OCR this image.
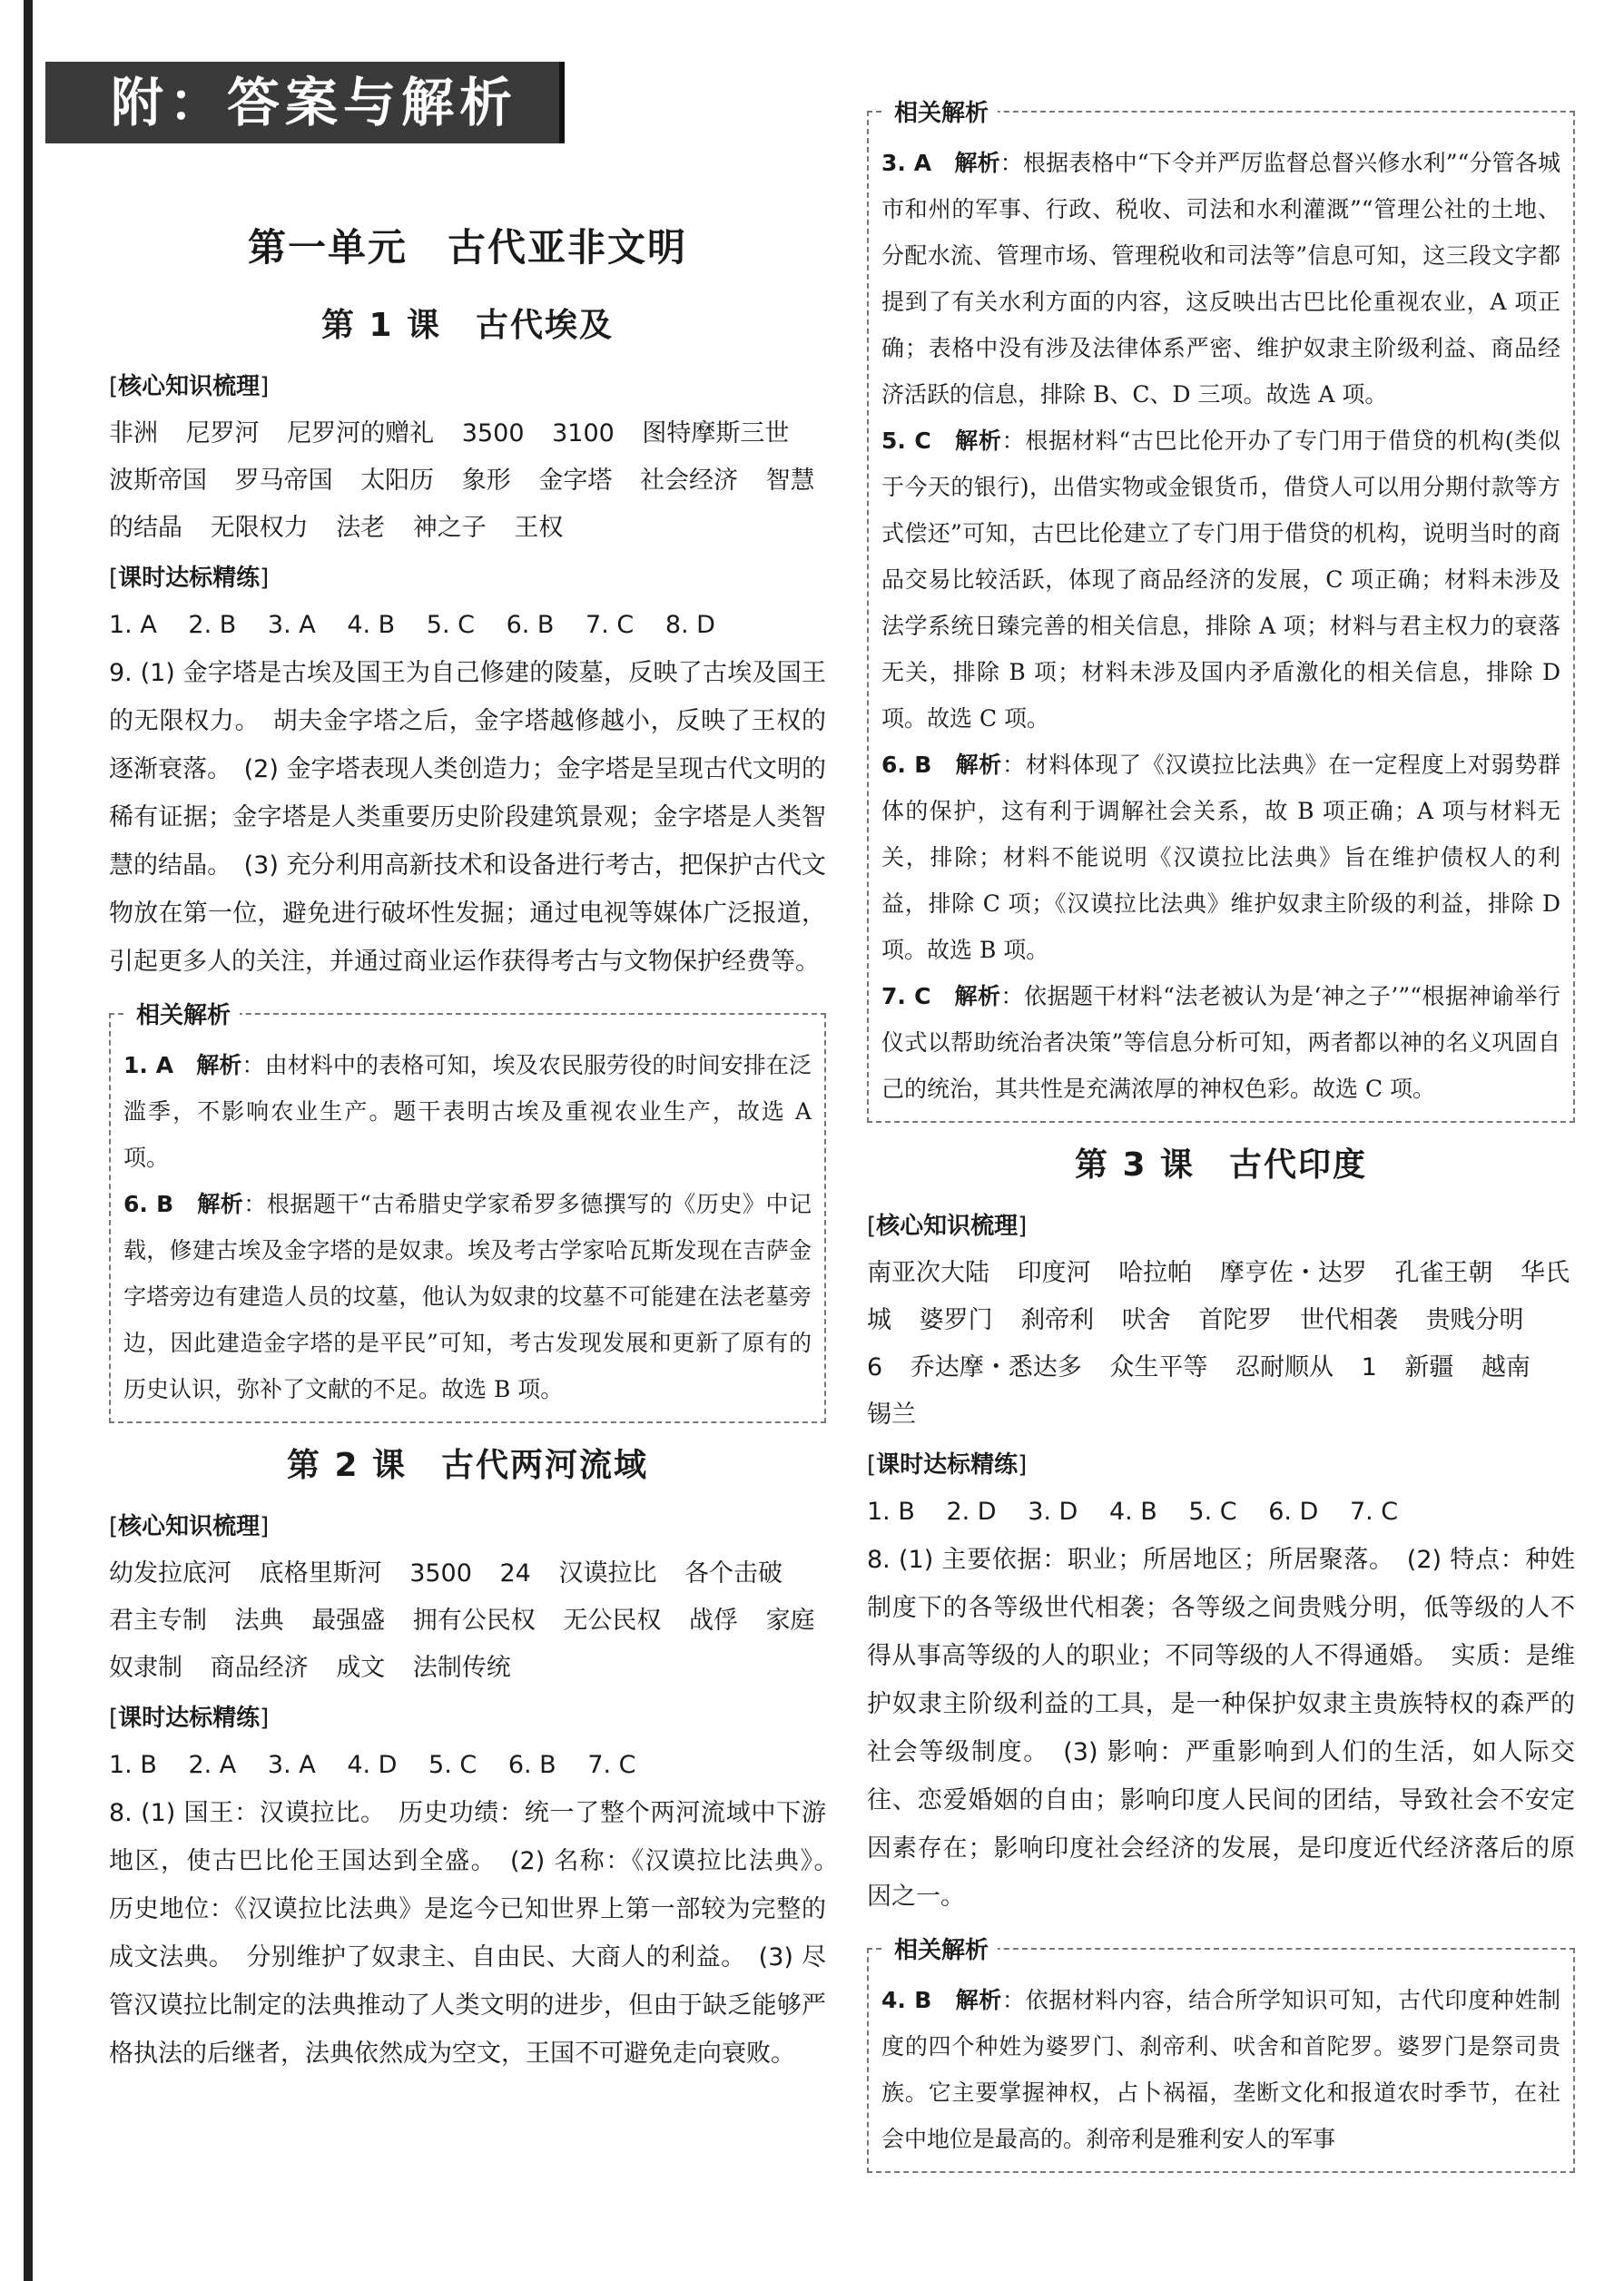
附：答案与解析
第一单元　古代亚非文明
第 1 课　古代埃及
[ 核心知识梳理 ]
非洲 尼罗河 尼罗河的赠礼 3500 3100 图特摩斯三世 波斯帝国 罗马帝国 太阳历 象形 金字塔 社会经济 智慧的结晶 无限权力 法老 神之子 王权
[ 课时达标精练 ]
1. A 2. B 3. A 4. B 5. C 6. B 7. C 8. D

9. (1) 金字塔是古埃及国王为自己修建的陵墓，反映了古埃及国王的无限权力。　胡夫金字塔之后，金字塔越修越小，反映了王权的逐渐衰落。　(2) 金字塔表现人类创造力；金字塔是呈现古代文明的稀有证据；金字塔是人类重要历史阶段建筑景观；金字塔是人类智慧的结晶。　(3) 充分利用高新技术和设备进行考古，把保护古代文物放在第一位，避免进行破坏性发掘；通过电视等媒体广泛报道，引起更多人的关注，并通过商业运作获得考古与文物保护经费等。

相关解析

1. A　解析：由材料中的表格可知，埃及农民服劳役的时间安排在泛滥季，不影响农业生产。题干表明古埃及重视农业生产，故选 A 项。

6. B　解析：根据题干“古希腊史学家希罗多德撰写的《历史》中记载，修建古埃及金字塔的是奴隶。埃及考古学家哈瓦斯发现在吉萨金字塔旁边有建造人员的坟墓，他认为奴隶的坟墓不可能建在法老墓旁边，因此建造金字塔的是平民”可知，考古发现发展和更新了原有的历史认识，弥补了文献的不足。故选 B 项。

第 2 课　古代两河流域
[ 核心知识梳理 ]
幼发拉底河 底格里斯河 3500 24 汉谟拉比 各个击破 君主专制 法典 最强盛 拥有公民权 无公民权 战俘 家庭奴隶制 商品经济 成文 法制传统
[ 课时达标精练 ]
1. B 2. A 3. A 4. D 5. C 6. B 7. C

8. (1) 国王：汉谟拉比。　历史功绩：统一了整个两河流域中下游地区，使古巴比伦王国达到全盛。　(2) 名称：《汉谟拉比法典》。　历史地位：《汉谟拉比法典》是迄今已知世界上第一部较为完整的成文法典。　分别维护了奴隶主、自由民、大商人的利益。　(3) 尽管汉谟拉比制定的法典推动了人类文明的进步，但由于缺乏能够严格执法的后继者，法典依然成为空文，王国不可避免走向衰败。

相关解析

3. A　解析：根据表格中“下令并严厉监督总督兴修水利”“分管各城市和州的军事、行政、税收、司法和水利灌溉”“管理公社的土地、分配水流、管理市场、管理税收和司法等”信息可知，这三段文字都提到了有关水利方面的内容，这反映出古巴比伦重视农业，A 项正确；表格中没有涉及法律体系严密、维护奴隶主阶级利益、商品经济活跃的信息，排除 B、C、D 三项。故选 A 项。

5. C　解析：根据材料“古巴比伦开办了专门用于借贷的机构(类似于今天的银行)，出借实物或金银货币，借贷人可以用分期付款等方式偿还”可知，古巴比伦建立了专门用于借贷的机构，说明当时的商品交易比较活跃，体现了商品经济的发展，C 项正确；材料未涉及法学系统日臻完善的相关信息，排除 A 项；材料与君主权力的衰落无关，排除 B 项；材料未涉及国内矛盾激化的相关信息，排除 D 项。故选 C 项。

6. B　解析：材料体现了《汉谟拉比法典》在一定程度上对弱势群体的保护，这有利于调解社会关系，故 B 项正确；A 项与材料无关，排除；材料不能说明《汉谟拉比法典》旨在维护债权人的利益，排除 C 项；《汉谟拉比法典》维护奴隶主阶级的利益，排除 D 项。故选 B 项。

7. C　解析：依据题干材料“法老被认为是‘神之子’”“根据神谕举行仪式以帮助统治者决策”等信息分析可知，两者都以神的名义巩固自己的统治，其共性是充满浓厚的神权色彩。故选 C 项。

第 3 课　古代印度
[ 核心知识梳理 ]
南亚次大陆 印度河 哈拉帕 摩亨佐・达罗 孔雀王朝 华氏城 婆罗门 刹帝利 吠舍 首陀罗 世代相袭 贵贱分明 6 乔达摩・悉达多 众生平等 忍耐顺从 1 新疆 越南 锡兰
[ 课时达标精练 ]
1. B 2. D 3. D 4. B 5. C 6. D 7. C

8. (1) 主要依据：职业；所居地区；所居聚落。　(2) 特点：种姓制度下的各等级世代相袭；各等级之间贵贱分明，低等级的人不得从事高等级的人的职业；不同等级的人不得通婚。　实质：是维护奴隶主阶级利益的工具，是一种保护奴隶主贵族特权的森严的社会等级制度。　(3) 影响：严重影响到人们的生活，如人际交往、恋爱婚姻的自由；影响印度人民间的团结，导致社会不安定因素存在；影响印度社会经济的发展，是印度近代经济落后的原因之一。

相关解析

4. B　解析：依据材料内容，结合所学知识可知，古代印度种姓制度的四个种姓为婆罗门、刹帝利、吠舍和首陀罗。婆罗门是祭司贵族。它主要掌握神权，占卜祸福，垄断文化和报道农时季节，在社会中地位是最高的。刹帝利是雅利安人的军事
